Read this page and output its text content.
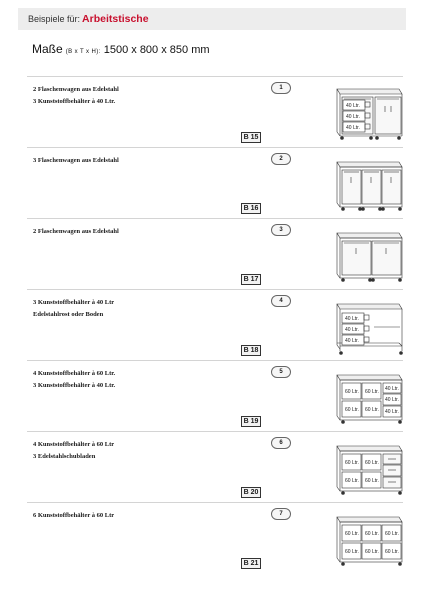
Beispiele für: Arbeitstische
Maße (B x T x H): 1500 x 800 x 850 mm
2 Flaschenwagen aus Edelstahl
3 Kunststoffbehälter à 40 Ltr.
1
B 15
40 Ltr.
40 Ltr.
40 Ltr.
3 Flaschenwagen aus Edelstahl	2
B 16
2 Flaschenwagen aus Edelstahl	3
B 17
3 Kunststoffbehälter à 40 Ltr
Edelstahlrost oder Boden
4
B 18
40 Ltr.
40 Ltr.
40 Ltr.
4 Kunststoffbehälter à 60 Ltr.
3 Kunststoffbehälter à 40 Ltr.
5
B 19
60 Ltr. 60 Ltr.
60 Ltr. 60 Ltr.
40 Ltr.
40 Ltr.
40 Ltr.
4 Kunststoffbehälter à 60 Ltr
3 Edelstahlschubladen
6
B 20
60 Ltr. 60 Ltr.
60 Ltr. 60 Ltr.
6 Kunststoffbehälter à 60 Ltr	7
B 21
60 Ltr. 60 Ltr. 60 Ltr.
60 Ltr. 60 Ltr. 60 Ltr.
